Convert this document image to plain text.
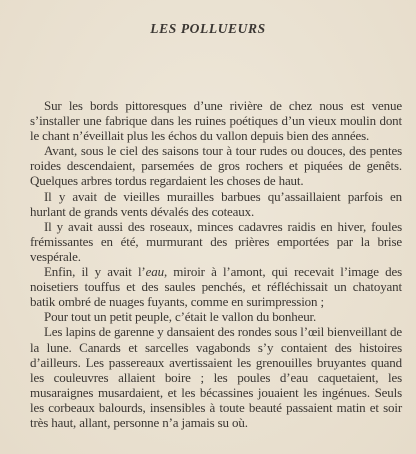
LES POLLUEURS

Sur les bords pittoresques d’une rivière de chez nous est venue s’installer une fabrique dans les ruines poétiques d’un vieux moulin dont le chant n’éveillait plus les échos du vallon depuis bien des années.

Avant, sous le ciel des saisons tour à tour rudes ou douces, des pentes roides descendaient, parsemées de gros rochers et piquées de genêts. Quelques arbres tordus regardaient les choses de haut.

Il y avait de vieilles murailles barbues qu’assaillaient parfois en hurlant de grands vents dévalés des coteaux.

Il y avait aussi des roseaux, minces cadavres raidis en hiver, foules frémissantes en été, murmurant des prières emportées par la brise vespérale.

Enfin, il y avait l’eau, miroir à l’amont, qui recevait l’image des noisetiers touffus et des saules penchés, et réfléchissait un chatoyant batik ombré de nuages fuyants, comme en surimpression ;

Pour tout un petit peuple, c’était le vallon du bonheur.

Les lapins de garenne y dansaient des rondes sous l’œil bienveillant de la lune. Canards et sarcelles vagabonds s’y contaient des histoires d’ailleurs. Les passereaux avertissaient les grenouilles bruyantes quand les couleuvres allaient boire ; les poules d’eau caquetaient, les musaraignes musardaient, et les bécassines jouaient les ingénues. Seuls les corbeaux balourds, insensibles à toute beauté passaient matin et soir très haut, allant, personne n’a jamais su où.
